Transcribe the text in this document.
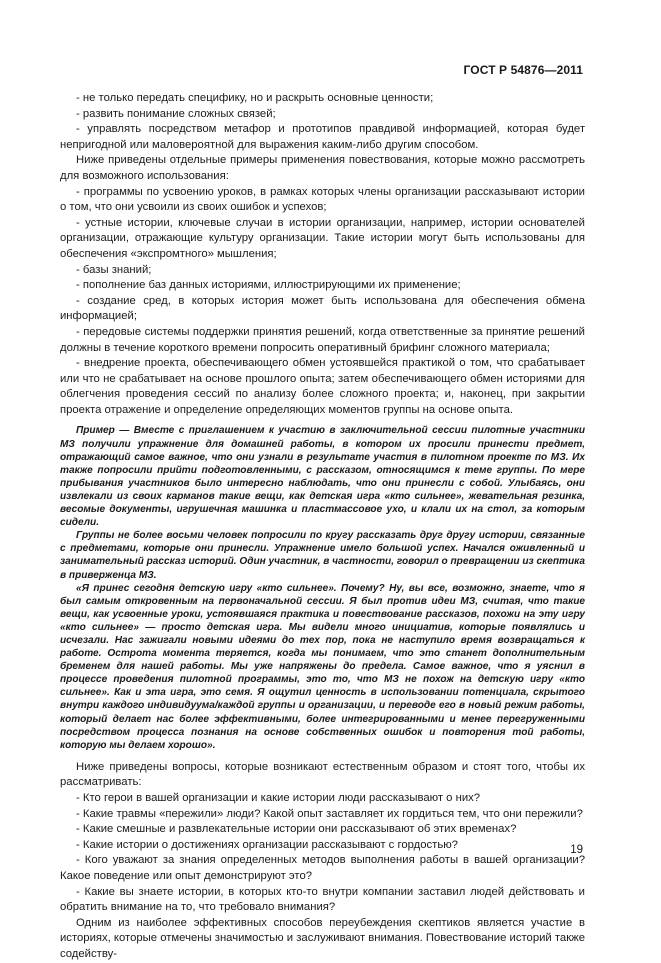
ГОСТ Р 54876—2011

- не только передать специфику, но и раскрыть основные ценности;

- развить понимание сложных связей;

- управлять посредством метафор и прототипов правдивой информацией, которая будет непригодной или маловероятной для выражения каким-либо другим способом.

Ниже приведены отдельные примеры применения повествования, которые можно рассмотреть для возможного использования:

- программы по усвоению уроков, в рамках которых члены организации рассказывают истории о том, что они усвоили из своих ошибок и успехов;

- устные истории, ключевые случаи в истории организации, например, истории основателей организации, отражающие культуру организации. Такие истории могут быть использованы для обеспечения «экспромтного» мышления;

- базы знаний;

- пополнение баз данных историями, иллюстрирующими их применение;

- создание сред, в которых история может быть использована для обеспечения обмена информацией;

- передовые системы поддержки принятия решений, когда ответственные за принятие решений должны в течение короткого времени попросить оперативный брифинг сложного материала;

- внедрение проекта, обеспечивающего обмен устоявшейся практикой о том, что срабатывает или что не срабатывает на основе прошлого опыта; затем обеспечивающего обмен историями для облегчения проведения сессий по анализу более сложного проекта; и, наконец, при закрытии проекта отражение и определение определяющих моментов группы на основе опыта.

Пример — Вместе с приглашением к участию в заключительной сессии пилотные участники МЗ получили упражнение для домашней работы, в котором их просили принести предмет, отражающий самое важное, что они узнали в результате участия в пилотном проекте по МЗ. Их также попросили прийти подготовленными, с рассказом, относящимся к теме группы. По мере прибывания участников было интересно наблюдать, что они принесли с собой. Улыбаясь, они извлекали из своих карманов такие вещи, как детская игра «кто сильнее», жевательная резинка, весомые документы, игрушечная машинка и пластмассовое ухо, и клали их на стол, за которым сидели.

Группы не более восьми человек попросили по кругу рассказать друг другу истории, связанные с предметами, которые они принесли. Упражнение имело большой успех. Начался оживленный и занимательный рассказ историй. Один участник, в частности, говорил о превращении из скептика в приверженца МЗ.

«Я принес сегодня детскую игру «кто сильнее». Почему? Ну, вы все, возможно, знаете, что я был самым откровенным на первоначальной сессии. Я был против идеи МЗ, считая, что такие вещи, как усвоенные уроки, устоявшаяся практика и повествование рассказов, похожи на эту игру «кто сильнее» — просто детская игра. Мы видели много инициатив, которые появлялись и исчезали. Нас зажигали новыми идеями до тех пор, пока не наступило время возвращаться к работе. Острота момента теряется, когда мы понимаем, что это станет дополнительным бременем для нашей работы. Мы уже напряжены до предела. Самое важное, что я уяснил в процессе проведения пилотной программы, это то, что МЗ не похож на детскую игру «кто сильнее». Как и эта игра, это семя. Я ощутил ценность в использовании потенциала, скрытого внутри каждого индивидуума/каждой группы и организации, и переводе его в новый режим работы, который делает нас более эффективными, более интегрированными и менее перегруженными посредством процесса познания на основе собственных ошибок и повторения той работы, которую мы делаем хорошо».

Ниже приведены вопросы, которые возникают естественным образом и стоят того, чтобы их рассматривать:

- Кто герои в вашей организации и какие истории люди рассказывают о них?

- Какие травмы «пережили» люди? Какой опыт заставляет их гордиться тем, что они пережили?

- Какие смешные и развлекательные истории они рассказывают об этих временах?

- Какие истории о достижениях организации рассказывают с гордостью?

- Кого уважают за знания определенных методов выполнения работы в вашей организации? Какое поведение или опыт демонстрируют это?

- Какие вы знаете истории, в которых кто-то внутри компании заставил людей действовать и обратить внимание на то, что требовало внимания?

Одним из наиболее эффективных способов переубеждения скептиков является участие в историях, которые отмечены значимостью и заслуживают внимания. Повествование историй также содейству-

19
